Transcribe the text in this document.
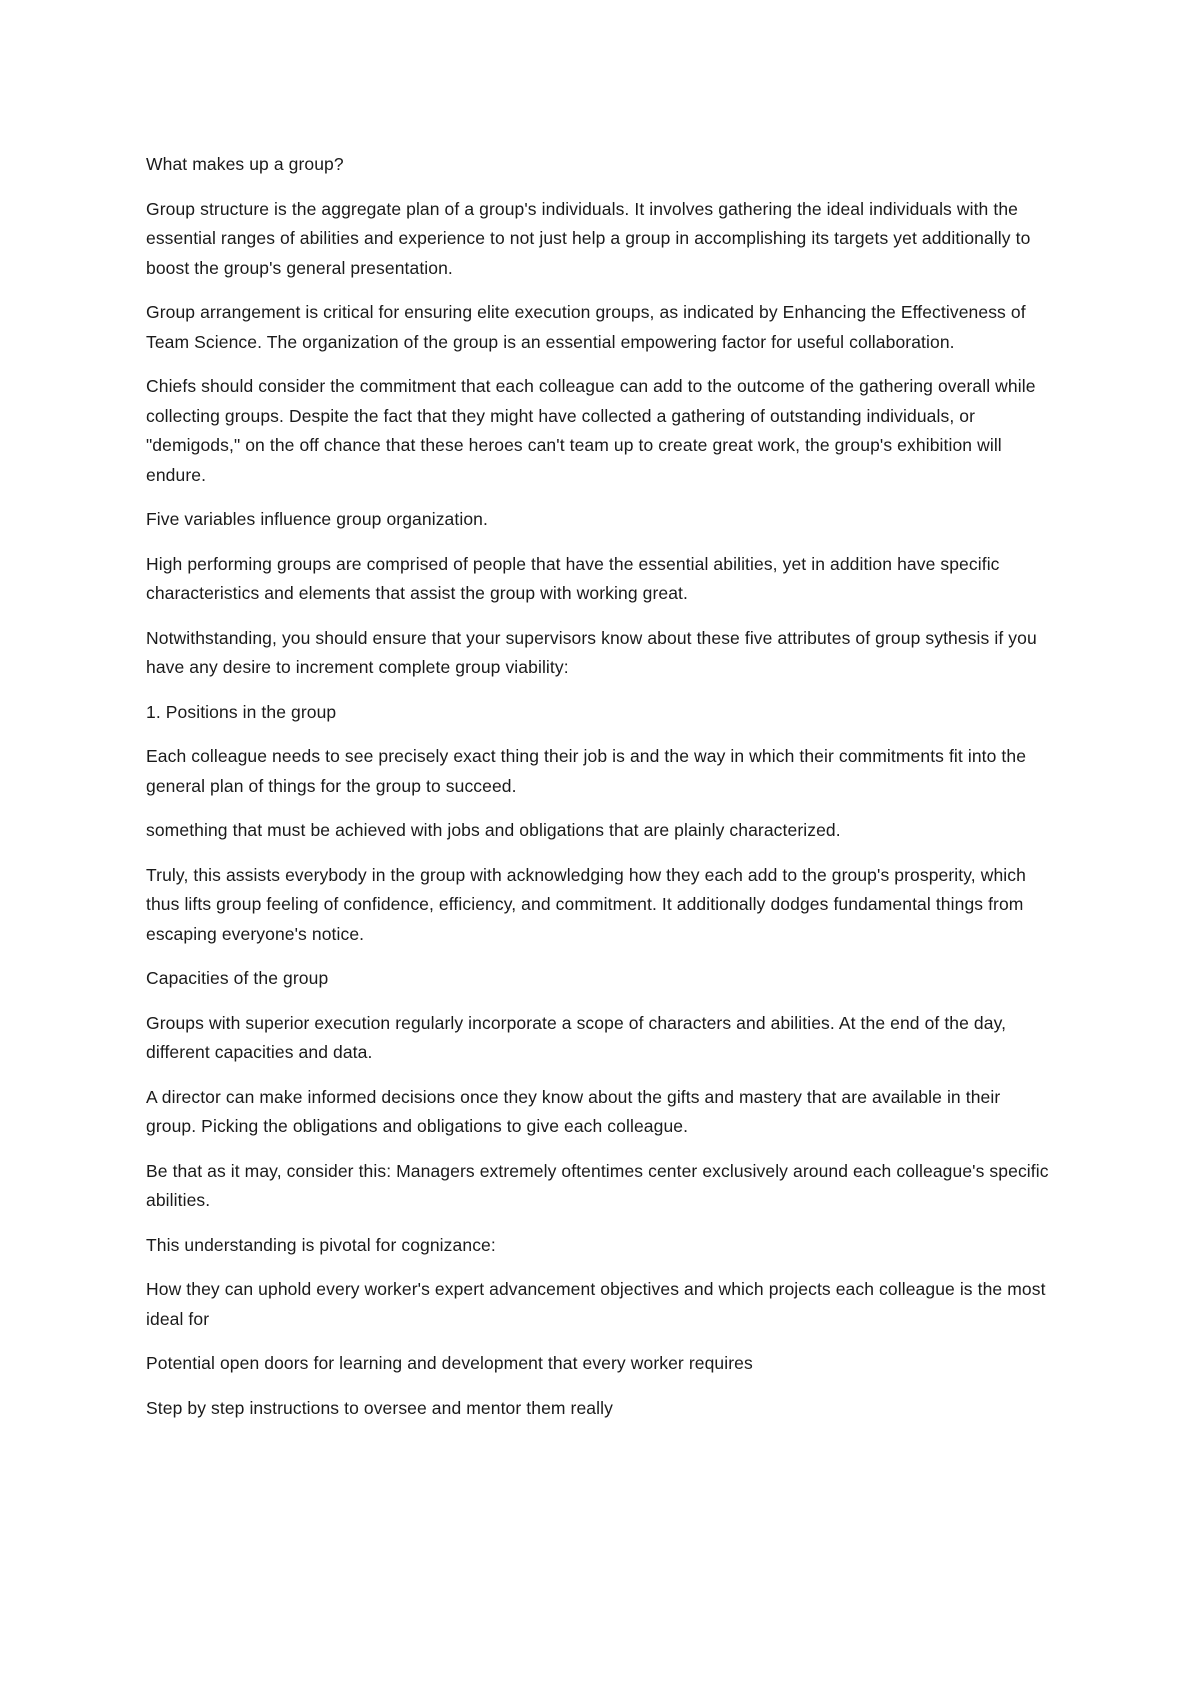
What makes up a group?

Group structure is the aggregate plan of a group's individuals. It involves gathering the ideal individuals with the essential ranges of abilities and experience to not just help a group in accomplishing its targets yet additionally to boost the group's general presentation.

Group arrangement is critical for ensuring elite execution groups, as indicated by Enhancing the Effectiveness of Team Science. The organization of the group is an essential empowering factor for useful collaboration.

Chiefs should consider the commitment that each colleague can add to the outcome of the gathering overall while collecting groups. Despite the fact that they might have collected a gathering of outstanding individuals, or "demigods," on the off chance that these heroes can't team up to create great work, the group's exhibition will endure.

Five variables influence group organization.

High performing groups are comprised of people that have the essential abilities, yet in addition have specific characteristics and elements that assist the group with working great.

Notwithstanding, you should ensure that your supervisors know about these five attributes of group sythesis if you have any desire to increment complete group viability:

1. Positions in the group

Each colleague needs to see precisely exact thing their job is and the way in which their commitments fit into the general plan of things for the group to succeed.

something that must be achieved with jobs and obligations that are plainly characterized.

Truly, this assists everybody in the group with acknowledging how they each add to the group's prosperity, which thus lifts group feeling of confidence, efficiency, and commitment. It additionally dodges fundamental things from escaping everyone's notice.

Capacities of the group

Groups with superior execution regularly incorporate a scope of characters and abilities. At the end of the day, different capacities and data.

A director can make informed decisions once they know about the gifts and mastery that are available in their group. Picking the obligations and obligations to give each colleague.

Be that as it may, consider this: Managers extremely oftentimes center exclusively around each colleague's specific abilities.

This understanding is pivotal for cognizance:

How they can uphold every worker's expert advancement objectives and which projects each colleague is the most ideal for

Potential open doors for learning and development that every worker requires

Step by step instructions to oversee and mentor them really
